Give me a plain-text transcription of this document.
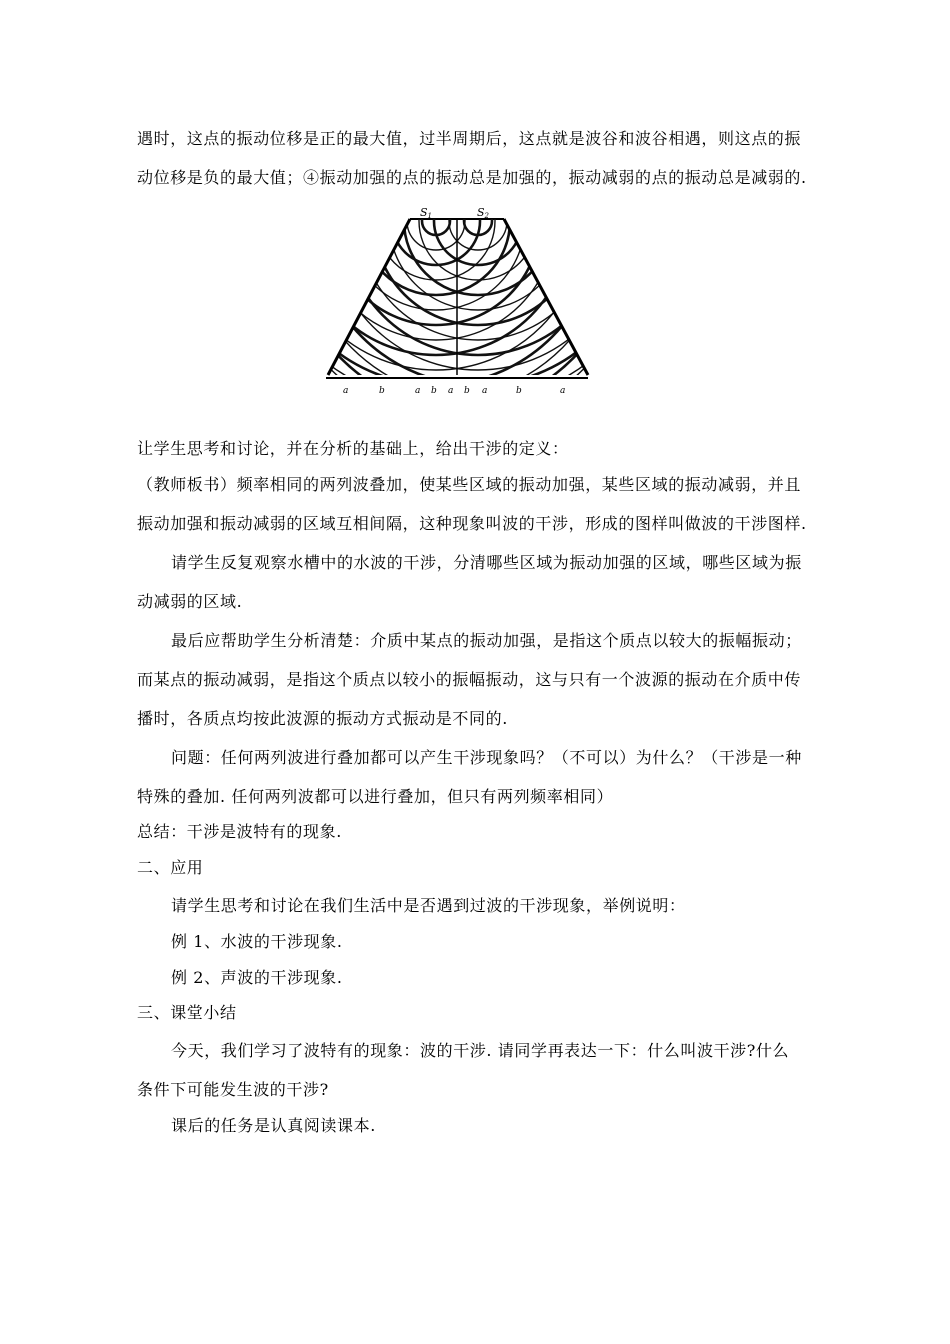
遇时，这点的振动位移是正的最大值，过半周期后，这点就是波谷和波谷相遇，则这点的振
动位移是负的最大值；④振动加强的点的振动总是加强的，振动减弱的点的振动总是减弱的.
S1	S2
a	b	a b a b a	b	a
让学生思考和讨论，并在分析的基础上，给出干涉的定义：
（教师板书）频率相同的两列波叠加，使某些区域的振动加强，某些区域的振动减弱，并且
振动加强和振动减弱的区域互相间隔，这种现象叫波的干涉，形成的图样叫做波的干涉图样.
请学生反复观察水槽中的水波的干涉，分清哪些区域为振动加强的区域，哪些区域为振
动减弱的区域.
最后应帮助学生分析清楚：介质中某点的振动加强，是指这个质点以较大的振幅振动；
而某点的振动减弱，是指这个质点以较小的振幅振动，这与只有一个波源的振动在介质中传
播时，各质点均按此波源的振动方式振动是不同的.
问题：任何两列波进行叠加都可以产生干涉现象吗？（不可以）为什么？（干涉是一种
特殊的叠加. 任何两列波都可以进行叠加，但只有两列频率相同）
总结：干涉是波特有的现象.
二、应用
请学生思考和讨论在我们生活中是否遇到过波的干涉现象，举例说明：
例 1、水波的干涉现象.
例 2、声波的干涉现象.
三、课堂小结
今天，我们学习了波特有的现象：波的干涉. 请同学再表达一下：什么叫波干涉?什么
条件下可能发生波的干涉?
课后的任务是认真阅读课本.
